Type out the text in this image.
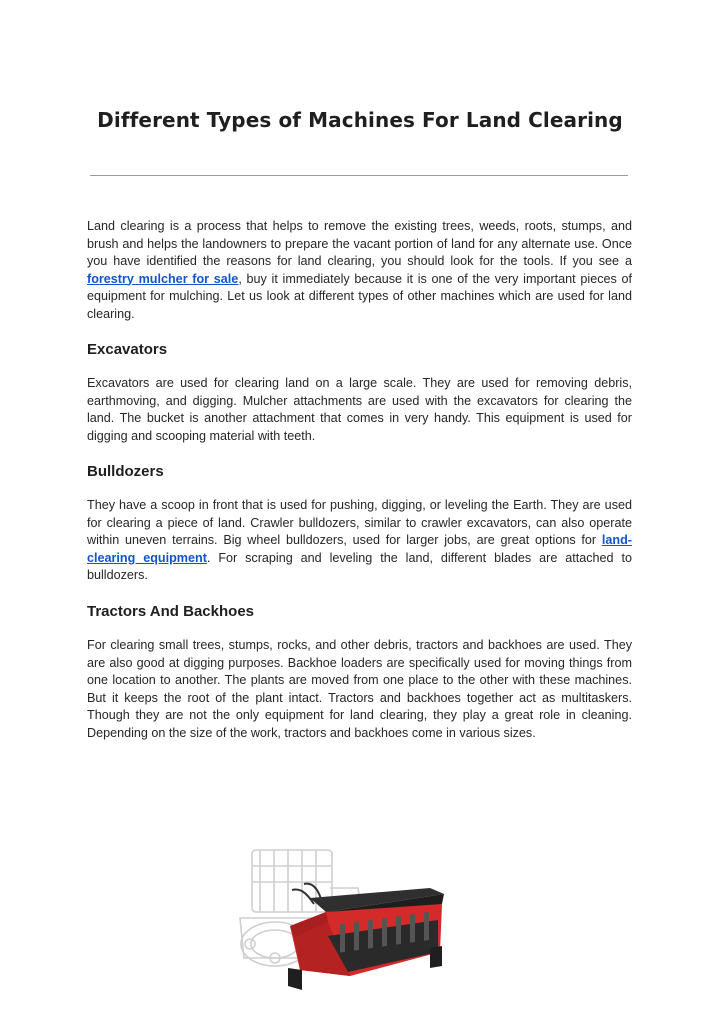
Different Types of Machines For Land Clearing

Land clearing is a process that helps to remove the existing trees, weeds, roots, stumps, and brush and helps the landowners to prepare the vacant portion of land for any alternate use. Once you have identified the reasons for land clearing, you should look for the tools. If you see a forestry mulcher for sale, buy it immediately because it is one of the very important pieces of equipment for mulching. Let us look at different types of other machines which are used for land clearing.

Excavators

Excavators are used for clearing land on a large scale. They are used for removing debris, earthmoving, and digging. Mulcher attachments are used with the excavators for clearing the land. The bucket is another attachment that comes in very handy. This equipment is used for digging and scooping material with teeth.

Bulldozers

They have a scoop in front that is used for pushing, digging, or leveling the Earth. They are used for clearing a piece of land. Crawler bulldozers, similar to crawler excavators, can also operate within uneven terrains. Big wheel bulldozers, used for larger jobs, are great options for land-clearing equipment. For scraping and leveling the land, different blades are attached to bulldozers.

Tractors And Backhoes

For clearing small trees, stumps, rocks, and other debris, tractors and backhoes are used. They are also good at digging purposes. Backhoe loaders are specifically used for moving things from one location to another. The plants are moved from one place to the other with these machines. But it keeps the root of the plant intact. Tractors and backhoes together act as multitaskers. Though they are not the only equipment for land clearing, they play a great role in cleaning. Depending on the size of the work, tractors and backhoes come in various sizes.
